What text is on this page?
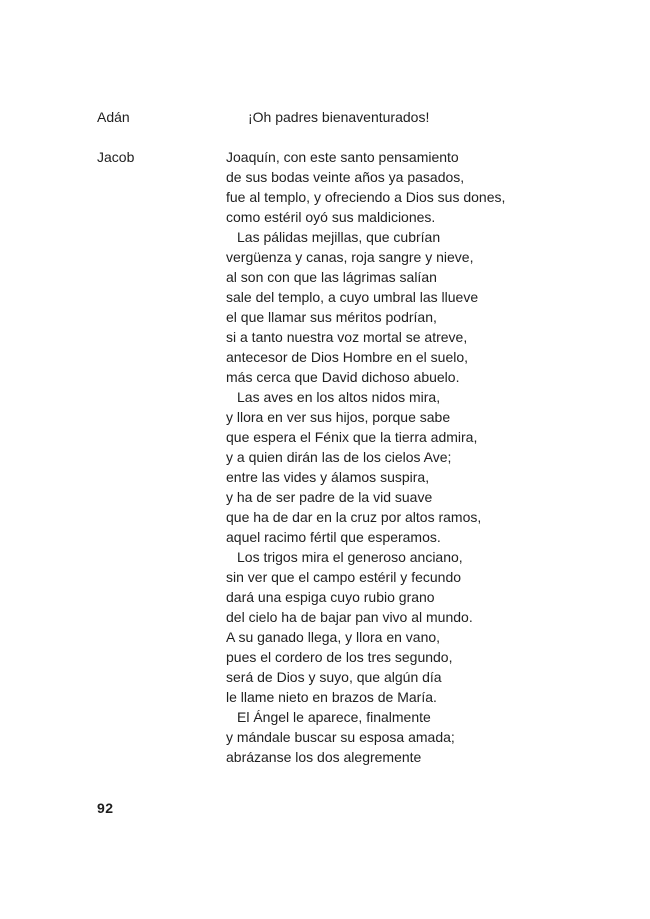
Adán	¡Oh padres bienaventurados!
Jacob	Joaquín, con este santo pensamiento
de sus bodas veinte años ya pasados,
fue al templo, y ofreciendo a Dios sus dones,
como estéril oyó sus maldiciones.
Las pálidas mejillas, que cubrían
vergüenza y canas, roja sangre y nieve,
al son con que las lágrimas salían
sale del templo, a cuyo umbral las llueve
el que llamar sus méritos podrían,
si a tanto nuestra voz mortal se atreve,
antecesor de Dios Hombre en el suelo,
más cerca que David dichoso abuelo.
Las aves en los altos nidos mira,
y llora en ver sus hijos, porque sabe
que espera el Fénix que la tierra admira,
y a quien dirán las de los cielos Ave;
entre las vides y álamos suspira,
y ha de ser padre de la vid suave
que ha de dar en la cruz por altos ramos,
aquel racimo fértil que esperamos.
Los trigos mira el generoso anciano,
sin ver que el campo estéril y fecundo
dará una espiga cuyo rubio grano
del cielo ha de bajar pan vivo al mundo.
A su ganado llega, y llora en vano,
pues el cordero de los tres segundo,
será de Dios y suyo, que algún día
le llame nieto en brazos de María.
El Ángel le aparece, finalmente
y mándale buscar su esposa amada;
abrázanse los dos alegremente
92
